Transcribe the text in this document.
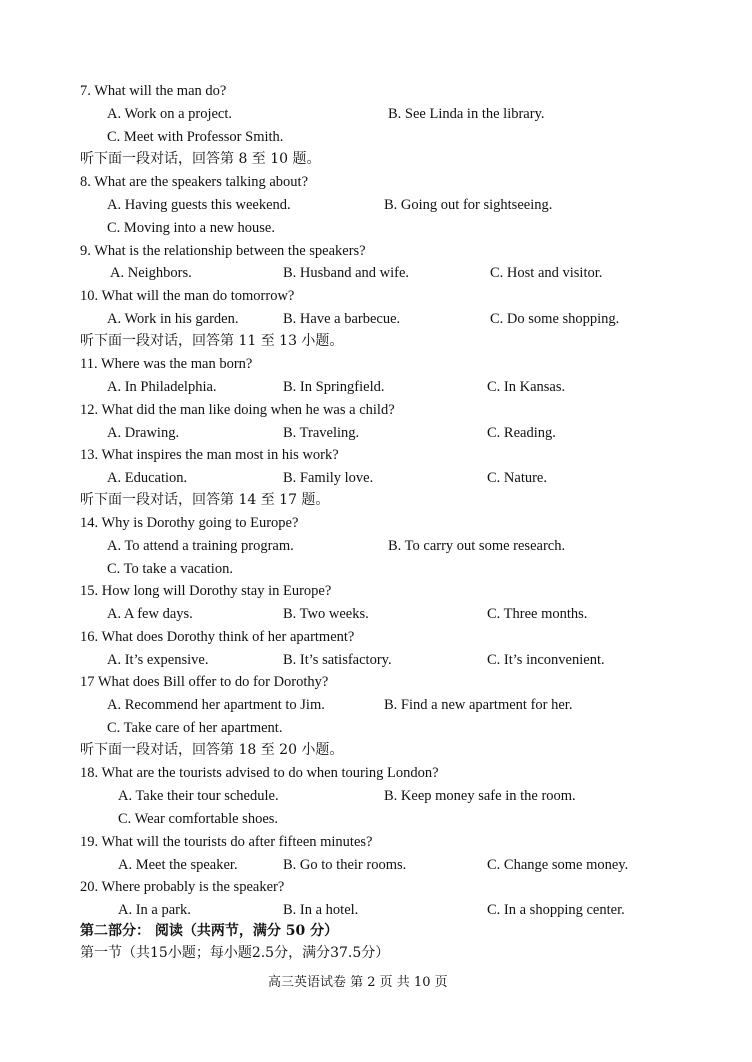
7. What will the man do?
A. Work on a project.	B. See Linda in the library.
C. Meet with Professor Smith.
听下面一段对话，回答第 8 至 10 题。
8. What are the speakers talking about?
A. Having guests this weekend.	B. Going out for sightseeing.
C. Moving into a new house.
9. What is the relationship between the speakers?
A. Neighbors.	B. Husband and wife.	C. Host and visitor.
10. What will the man do tomorrow?
A. Work in his garden.	B. Have a barbecue.	C. Do some shopping.
听下面一段对话，回答第 11 至 13 小题。
11. Where was the man born?
A. In Philadelphia.	B. In Springfield.	C. In Kansas.
12. What did the man like doing when he was a child?
A. Drawing.	B. Traveling.	C. Reading.
13. What inspires the man most in his work?
A. Education.	B. Family love.	C. Nature.
听下面一段对话，回答第 14 至 17 题。
14. Why is Dorothy going to Europe?
A. To attend a training program.	B. To carry out some research.
C. To take a vacation.
15. How long will Dorothy stay in Europe?
A. A few days.	B. Two weeks.	C. Three months.
16. What does Dorothy think of her apartment?
A. It’s expensive.	B. It’s satisfactory.	C. It’s inconvenient.
17 What does Bill offer to do for Dorothy?
A. Recommend her apartment to Jim.	B. Find a new apartment for her.
C. Take care of her apartment.
听下面一段对话，回答第 18 至 20 小题。
18. What are the tourists advised to do when touring London?
A. Take their tour schedule.	B. Keep money safe in the room.
C. Wear comfortable shoes.
19. What will the tourists do after fifteen minutes?
A. Meet the speaker.	B. Go to their rooms.	C. Change some money.
20. Where probably is the speaker?
A. In a park.	B. In a hotel.	C. In a shopping center.
第二部分： 阅读（共两节，满分 50 分）
第一节（共15小题；每小题2.5分，满分37.5分）
高三英语试卷 第 2 页 共 10 页
